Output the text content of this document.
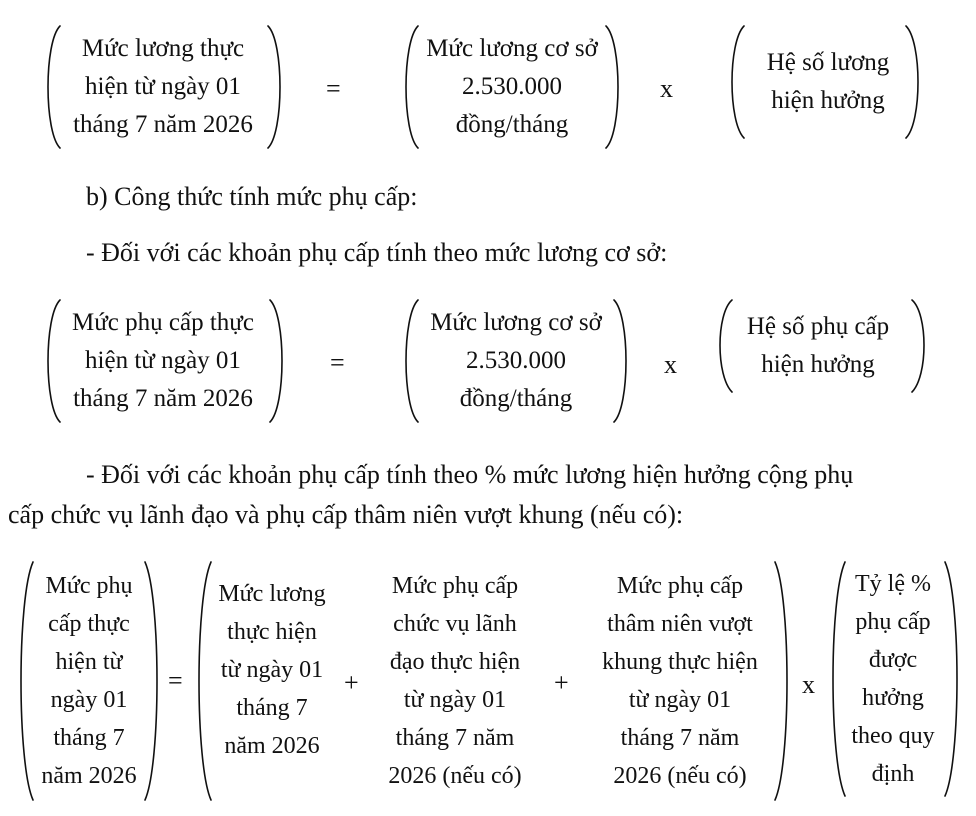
Mức lương thực
hiện từ ngày 01
tháng 7 năm 2026
=
Mức lương cơ sở
2.530.000
đồng/tháng
x
Hệ số lương
hiện hưởng
b) Công thức tính mức phụ cấp:
- Đối với các khoản phụ cấp tính theo mức lương cơ sở:
Mức phụ cấp thực
hiện từ ngày 01
tháng 7 năm 2026
=
Mức lương cơ sở
2.530.000
đồng/tháng
x
Hệ số phụ cấp
hiện hưởng
- Đối với các khoản phụ cấp tính theo % mức lương hiện hưởng cộng phụ
cấp chức vụ lãnh đạo và phụ cấp thâm niên vượt khung (nếu có):
Mức phụ
cấp thực
hiện từ
ngày 01
tháng 7
năm 2026
=
Mức lương
thực hiện
từ ngày 01
tháng 7
năm 2026
+
Mức phụ cấp
chức vụ lãnh
đạo thực hiện
từ ngày 01
tháng 7 năm
2026 (nếu có)
+
Mức phụ cấp
thâm niên vượt
khung thực hiện
từ ngày 01
tháng 7 năm
2026 (nếu có)
x
Tỷ lệ %
phụ cấp
được
hưởng
theo quy
định
